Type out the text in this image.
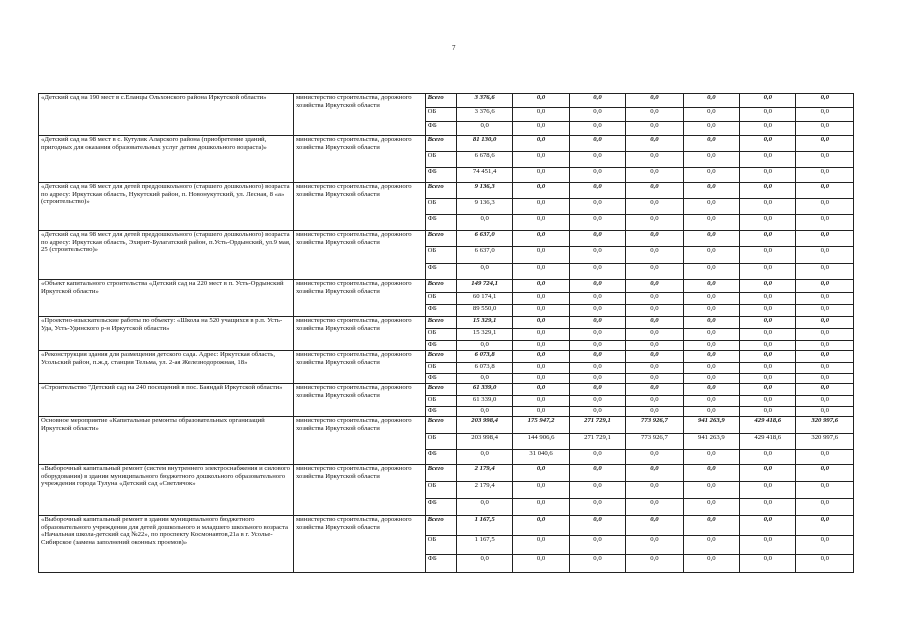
7
«Детский сад на 190 мест в с.Еланцы Ольхонского района Иркутской области»	министерство строительства, дорожного хозяйства Иркутской области	Всего	3 376,6	0,0	0,0	0,0	0,0	0,0	0,0
		ОБ	3 376,6	0,0	0,0	0,0	0,0	0,0	0,0
		ФБ	0,0	0,0	0,0	0,0	0,0	0,0	0,0
«Детский сад на 98 мест в с. Кутулик Аларского района (приобретение зданий, пригодных для оказания образовательных услуг детям дошкольного возраста)»	министерство строительства, дорожного хозяйства Иркутской области	Всего	81 130,0	0,0	0,0	0,0	0,0	0,0	0,0
		ОБ	6 678,6	0,0	0,0	0,0	0,0	0,0	0,0
		ФБ	74 451,4	0,0	0,0	0,0	0,0	0,0	0,0
«Детский сад на 98 мест для детей преддошкольного (старшего дошкольного) возраста по адресу: Иркутская область, Нукутский район, п. Новонукутский, ул. Лесная, 8 «а» (строительство)»	министерство строительства, дорожного хозяйства Иркутской области	Всего	9 136,3	0,0	0,0	0,0	0,0	0,0	0,0
		ОБ	9 136,3	0,0	0,0	0,0	0,0	0,0	0,0
		ФБ	0,0	0,0	0,0	0,0	0,0	0,0	0,0
«Детский сад на 98 мест для детей преддошкольного (старшего дошкольного) возраста по адресу: Иркутская область, Эхирит-Булагатский район, п.Усть-Ордынский, ул.9 мая, 25 (строительство)»	министерство строительства, дорожного хозяйства Иркутской области	Всего	6 637,0	0,0	0,0	0,0	0,0	0,0	0,0
		ОБ	6 637,0	0,0	0,0	0,0	0,0	0,0	0,0
		ФБ	0,0	0,0	0,0	0,0	0,0	0,0	0,0
«Объект капитального строительства «Детский сад на 220 мест в п. Усть-Ордынский Иркутской области»	министерство строительства, дорожного хозяйства Иркутской области	Всего	149 724,1	0,0	0,0	0,0	0,0	0,0	0,0
		ОБ	60 174,1	0,0	0,0	0,0	0,0	0,0	0,0
		ФБ	89 550,0	0,0	0,0	0,0	0,0	0,0	0,0
«Проектно-изыскательские работы по объекту: «Школа на 520 учащихся в р.п. Усть-Уда, Усть-Удинского р-н Иркутской области»	министерство строительства, дорожного хозяйства Иркутской области	Всего	15 329,1	0,0	0,0	0,0	0,0	0,0	0,0
		ОБ	15 329,1	0,0	0,0	0,0	0,0	0,0	0,0
		ФБ	0,0	0,0	0,0	0,0	0,0	0,0	0,0
«Реконструкция здания для размещения детского сада. Адрес: Иркутская область, Усольский район, п.ж.д. станция Тельма, ул. 2-ая Железнодорожная, 18»	министерство строительства, дорожного хозяйства Иркутской области	Всего	6 073,8	0,0	0,0	0,0	0,0	0,0	0,0
		ОБ	6 073,8	0,0	0,0	0,0	0,0	0,0	0,0
		ФБ	0,0	0,0	0,0	0,0	0,0	0,0	0,0
«Строительство "Детский сад на 240 посещений в пос. Баяндай Иркутской области»	министерство строительства, дорожного хозяйства Иркутской области	Всего	61 339,0	0,0	0,0	0,0	0,0	0,0	0,0
		ОБ	61 339,0	0,0	0,0	0,0	0,0	0,0	0,0
		ФБ	0,0	0,0	0,0	0,0	0,0	0,0	0,0
Основное мероприятие «Капитальные ремонты образовательных организаций Иркутской области»	министерство строительства, дорожного хозяйства Иркутской области	Всего	203 998,4	175 947,2	271 729,1	773 926,7	941 263,9	429 418,6	320 997,6
		ОБ	203 998,4	144 906,6	271 729,1	773 926,7	941 263,9	429 418,6	320 997,6
		ФБ	0,0	31 040,6	0,0	0,0	0,0	0,0	0,0
«Выборочный капитальный ремонт (систем внутреннего электроснабжения и силового оборудования) в здании муниципального бюджетного дошкольного образовательного учреждения города Тулуна «Детский сад «Светлячок»	министерство строительства, дорожного хозяйства Иркутской области	Всего	2 179,4	0,0	0,0	0,0	0,0	0,0	0,0
		ОБ	2 179,4	0,0	0,0	0,0	0,0	0,0	0,0
		ФБ	0,0	0,0	0,0	0,0	0,0	0,0	0,0
«Выборочный капитальный ремонт в здании муниципального бюджетного образовательного учреждения для детей дошкольного и младшего школьного возраста «Начальная школа-детский сад №22», по проспекту Космонавтов,21а в г. Усолье-Сибирское (замена заполнений оконных проемов)»	министерство строительства, дорожного хозяйства Иркутской области	Всего	1 167,5	0,0	0,0	0,0	0,0	0,0	0,0
		ОБ	1 167,5	0,0	0,0	0,0	0,0	0,0	0,0
		ФБ	0,0	0,0	0,0	0,0	0,0	0,0	0,0
